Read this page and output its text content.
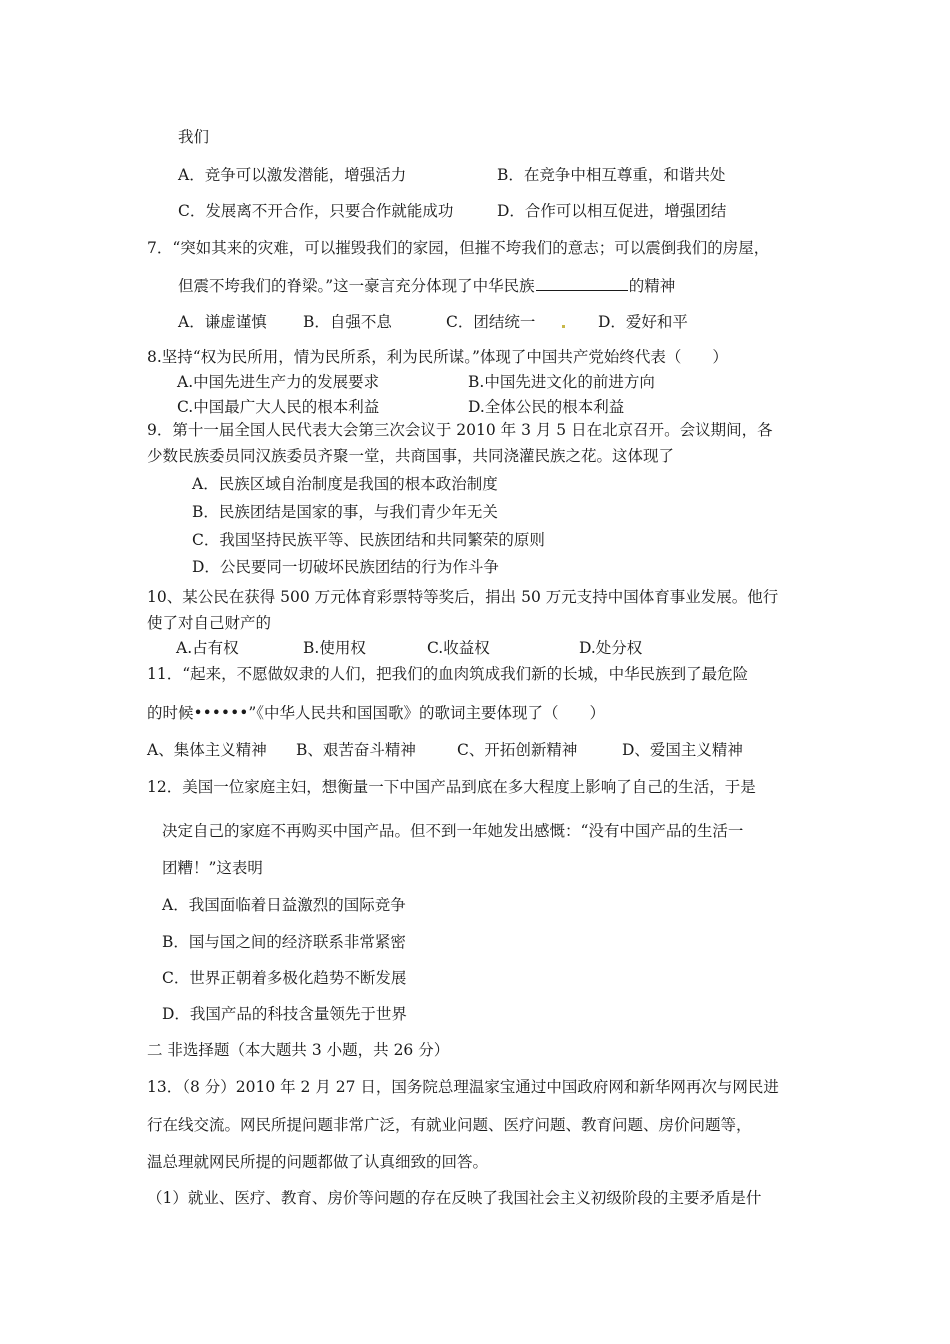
我们
A．竞争可以激发潜能，增强活力	B．在竞争中相互尊重，和谐共处
C．发展离不开合作，只要合作就能成功	D．合作可以相互促进，增强团结
7．“突如其来的灾难，可以摧毁我们的家园，但摧不垮我们的意志；可以震倒我们的房屋，
但震不垮我们的脊梁。”这一豪言充分体现了中华民族	的精神
A．谦虚谨慎 B．自强不息	C．团结统一	D．爱好和平
8.坚持“权为民所用，情为民所系，利为民所谋。”体现了中国共产党始终代表（　　）
A.中国先进生产力的发展要求	B.中国先进文化的前进方向
C.中国最广大人民的根本利益	D.全体公民的根本利益
9．第十一届全国人民代表大会第三次会议于 2010 年 3 月 5 日在北京召开。会议期间，各
少数民族委员同汉族委员齐聚一堂，共商国事，共同浇灌民族之花。这体现了
A．民族区域自治制度是我国的根本政治制度
B．民族团结是国家的事，与我们青少年无关
C．我国坚持民族平等、民族团结和共同繁荣的原则
D．公民要同一切破坏民族团结的行为作斗争
10、某公民在获得 500 万元体育彩票特等奖后，捐出 50 万元支持中国体育事业发展。他行
使了对自己财产的
A.占有权	B.使用权	C.收益权	D.处分权
11．“起来，不愿做奴隶的人们，把我们的血肉筑成我们新的长城，中华民族到了最危险
的时候••••••”《中华人民共和国国歌》的歌词主要体现了（　　）
A、集体主义精神 B、艰苦奋斗精神	C、开拓创新精神	D、爱国主义精神
12．美国一位家庭主妇，想衡量一下中国产品到底在多大程度上影响了自己的生活，于是
决定自己的家庭不再购买中国产品。但不到一年她发出感慨：“没有中国产品的生活一
团糟！”这表明
A．我国面临着日益激烈的国际竞争
B．国与国之间的经济联系非常紧密
C．世界正朝着多极化趋势不断发展
D．我国产品的科技含量领先于世界
二 非选择题（本大题共 3 小题，共 26 分）
13．（8 分）2010 年 2 月 27 日，国务院总理温家宝通过中国政府网和新华网再次与网民进
行在线交流。网民所提问题非常广泛，有就业问题、医疗问题、教育问题、房价问题等，
温总理就网民所提的问题都做了认真细致的回答。
（1）就业、医疗、教育、房价等问题的存在反映了我国社会主义初级阶段的主要矛盾是什
